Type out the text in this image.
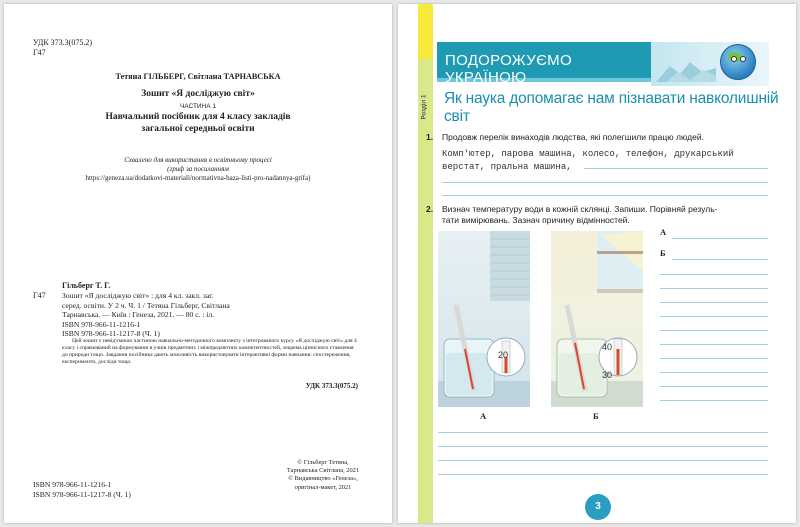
УДК 373.3(075.2)
Г47
Тетяна ГІЛЬБЕРГ, Світлана ТАРНАВСЬКА
Зошит «Я досліджую світ»
ЧАСТИНА 1
Навчальний посібник для 4 класу закладів
загальної середньої освіти
Схвалено для використання в освітньому процесі
(гриф за посиланням
https://geneza.ua/dodatkovi-materiali/normativna-baza-listi-pro-nadannya-grifa)
Гільберг Т. Г.
Г47 Зошит «Я досліджую світ» : для 4 кл. закл. заг.
серед. освіти. У 2 ч. Ч. 1 / Тетяна Гільберг, Світлана
Тарнавська. — Київ : Генеза, 2021. — 80 с. : іл.
ISBN 978-966-11-1216-1
ISBN 978-966-11-1217-8 (Ч. 1)
Цей зошит є невід'ємною частиною навчально-методичного комплекту з інтегрованого курсу «Я досліджую світ» для 4 класу і спрямований на формування в учнів предметних і міжпредметних компетентностей, зокрема ціннісного ставлення до природи тощо. Завдання посібника дають можливість використовувати інтерактивні форми навчання: спостереження, експерименти, досліди тощо.
УДК 373.3(075.2)
ISBN 978-966-11-1216-1
ISBN 978-966-11-1217-8 (Ч. 1)
© Гільберг Тетяна,
Тарнавська Світлана, 2021
© Видавництво «Генеза»,
оригінал-макет, 2021
Розділ 1
ПОДОРОЖУЄМО УКРАЇНОЮ
Як наука допомагає нам пізнавати навколишній світ
1. Продовж перелік винаходів людства, які полегшили працю людей.
Комп'ютер, парова машина, колесо, телефон, друкарський
верстат, пральна машина,
2. Визнач температуру води в кожній склянці. Запиши. Порівняй резуль-
тати вимірювань. Зазнач причину відмінностей.
20
40
30
А	Б
А
Б
3
